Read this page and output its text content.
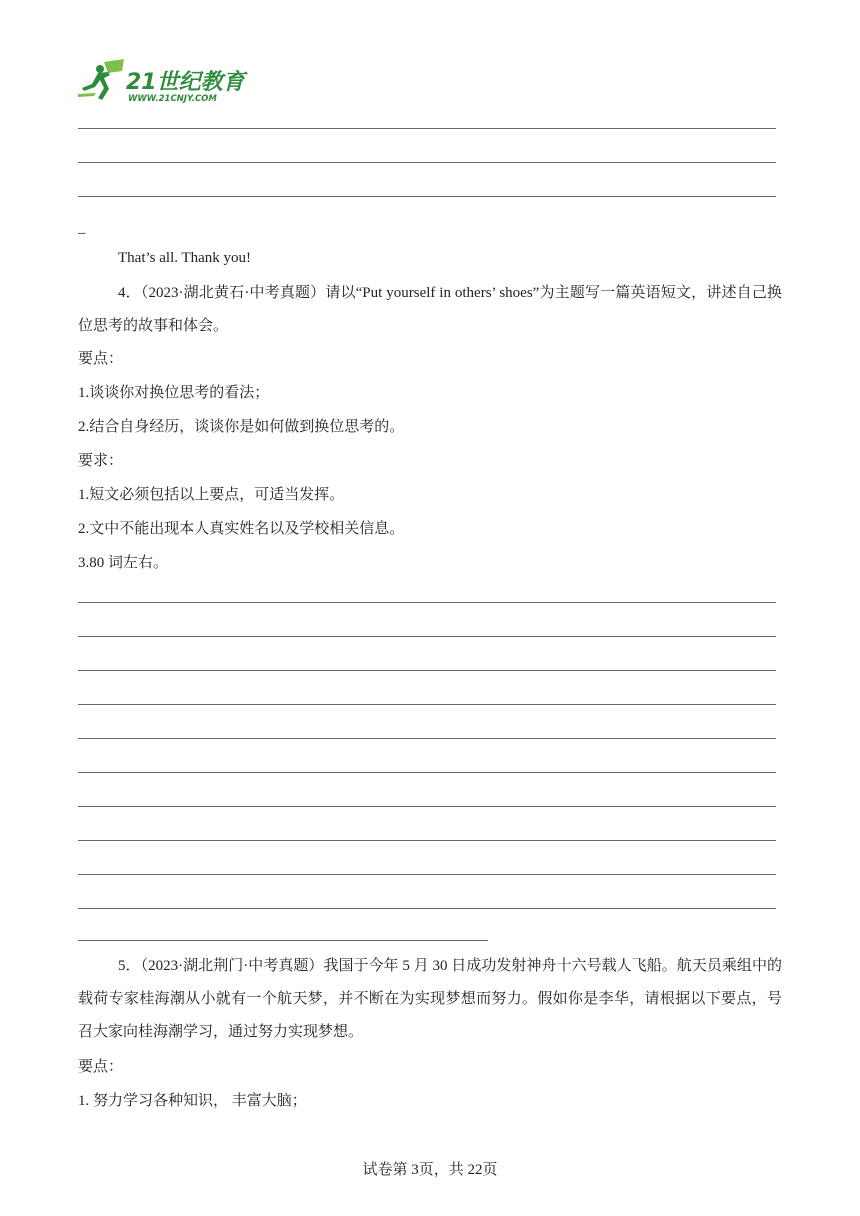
21世纪教育
WWW.21CNJY.COM
_
That’s all. Thank you!
4．（2023·湖北黄石·中考真题）请以“Put yourself in others’ shoes”为主题写一篇英语短文，讲述自己换位思考的故事和体会。
要点：
1.谈谈你对换位思考的看法；
2.结合自身经历，谈谈你是如何做到换位思考的。
要求：
1.短文必须包括以上要点，可适当发挥。
2.文中不能出现本人真实姓名以及学校相关信息。
3.80 词左右。
5．（2023·湖北荆门·中考真题）我国于今年 5 月 30 日成功发射神舟十六号载人飞船。航天员乘组中的载荷专家桂海潮从小就有一个航天梦，并不断在为实现梦想而努力。假如你是李华，请根据以下要点，号召大家向桂海潮学习，通过努力实现梦想。
要点：
1. 努力学习各种知识， 丰富大脑；
试卷第 3页，共 22页
